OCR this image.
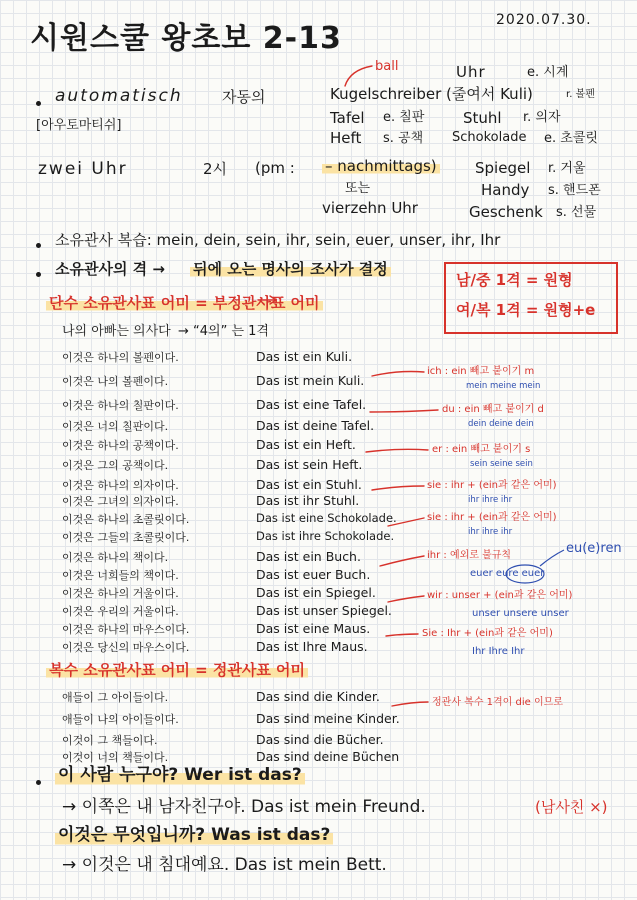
시원스쿨 왕초보 2-13
2020.07.30.
automatisch	자동의
[아우토마티쉬]
zwei Uhr	2시 (pm : – nachmittags)
또는
vierzehn Uhr
ball	Uhr	e. 시계
Kugelschreiber (줄여서 Kuli)	r. 볼펜
Tafel e. 칠판	Stuhl r. 의자
Heft s. 공책 Schokolade e. 초콜릿
Spiegel r. 거울
Handy s. 핸드폰
Geschenk s. 선물
소유관사 복습: mein, dein, sein, ihr, sein, euer, unser, ihr, Ihr
소유관사의 격 → 뒤에 오는 명사의 조사가 결정
남/중 1격 = 원형
여/복 1격 = 원형+e
단수 소유관사표 어미 = 부정관사표 어미
나의 아빠는 의사다 → “4의” 는 1격
이것은 하나의 볼펜이다.	Das ist ein Kuli.
이것은 나의 볼펜이다.	Das ist mein Kuli.
이것은 하나의 칠판이다.	Das ist eine Tafel.
이것은 너의 칠판이다.	Das ist deine Tafel.
이것은 하나의 공책이다.	Das ist ein Heft.
이것은 그의 공책이다.	Das ist sein Heft.
이것은 하나의 의자이다.	Das ist ein Stuhl.
이것은 그녀의 의자이다.	Das ist ihr Stuhl.
이것은 하나의 초콜릿이다.	Das ist eine Schokolade.
이것은 그들의 초콜릿이다.	Das ist ihre Schokolade.
이것은 하나의 책이다.	Das ist ein Buch.
이것은 너희들의 책이다.	Das ist euer Buch.
이것은 하나의 거울이다.	Das ist ein Spiegel.
이것은 우리의 거울이다.	Das ist unser Spiegel.
이것은 하나의 마우스이다.	Das ist eine Maus.
이것은 당신의 마우스이다.	Das ist Ihre Maus.
ich : ein 빼고 붙이기 m
mein meine mein
du : ein 빼고 붙이기 d
dein deine dein
er : ein 빼고 붙이기 s
sein seine sein
sie : ihr + (ein과 같은 어미)
ihr ihre ihr
sie : ihr + (ein과 같은 어미)
ihr ihre ihr
ihr : 예외로 불규칙
euer eure euer
wir : unser + (ein과 같은 어미)
unser unsere unser
Sie : Ihr + (ein과 같은 어미)
Ihr Ihre Ihr
eu(e)ren
복수 소유관사표 어미 = 정관사표 어미
애들이 그 아이들이다.	Das sind die Kinder.
애들이 나의 아이들이다.	Das sind meine Kinder.
이것이 그 책들이다.	Das sind die Bücher.
이것이 너의 책들이다.	Das sind deine Büchen
정관사 복수 1격이 die 이므로
이 사람 누구야? Wer ist das?
→ 이쪽은 내 남자친구야. Das ist mein Freund.	(남사친 ×)
이것은 무엇입니까? Was ist das?
→ 이것은 내 침대예요. Das ist mein Bett.
